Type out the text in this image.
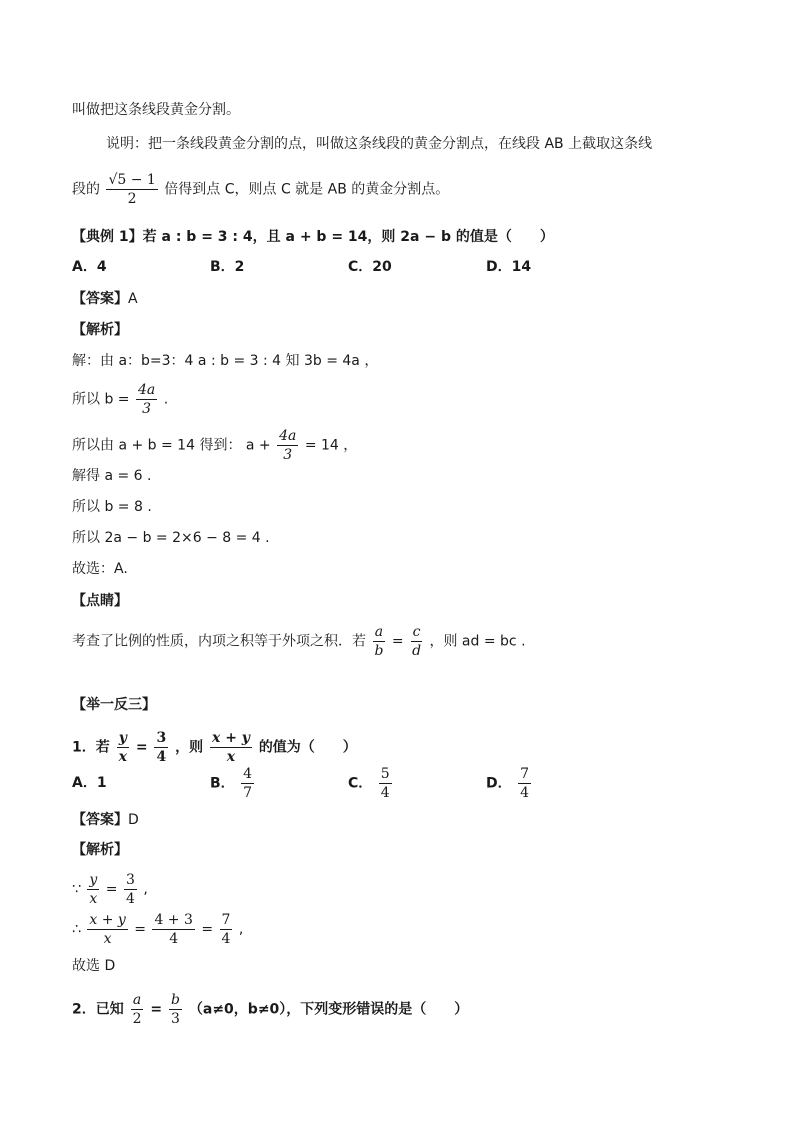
叫做把这条线段黄金分割。
说明：把一条线段黄金分割的点，叫做这条线段的黄金分割点，在线段 AB 上截取这条线
段的 $\frac{√5 - 1}{2}$ 倍得到点 C，则点 C 就是 AB 的黄金分割点。
【典例 1】若 a : b = 3 : 4，且 a + b = 14，则 2a − b 的值是（　　）
A．4	B．2	C．20	D．14
【答案】A
【解析】
解：由 a：b=3：4 a : b = 3 : 4 知 3b = 4a ，
所以 $b = \frac{4a}{3}$ .
所以由 a + b = 14 得到： $a + \frac{4a}{3} = 14$ ，
解得 a = 6 .
所以 b = 8 .
所以 2a − b = 2×6 − 8 = 4 .
故选：A.
【点睛】
考查了比例的性质，内项之积等于外项之积．若 $\frac{a}{b} = \frac{c}{d}$ ，则 ad = bc .
【举一反三】
1．若 $\frac{y}{x} = \frac{3}{4}$ ，则 $\frac{x + y}{x}$ 的值为（　　）
A．1	B． $\frac{4}{7}$	C． $\frac{5}{4}$	D． $\frac{7}{4}$
【答案】D
【解析】
∵ $\frac{y}{x} = \frac{3}{4}$ ,
∴ $\frac{x + y}{x} = \frac{4 + 3}{4} = \frac{7}{4}$ ,
故选 D
2．已知 $\frac{a}{2} = \frac{b}{3} (a\ne 0$，b≠0），下列变形错误的是（　　）
